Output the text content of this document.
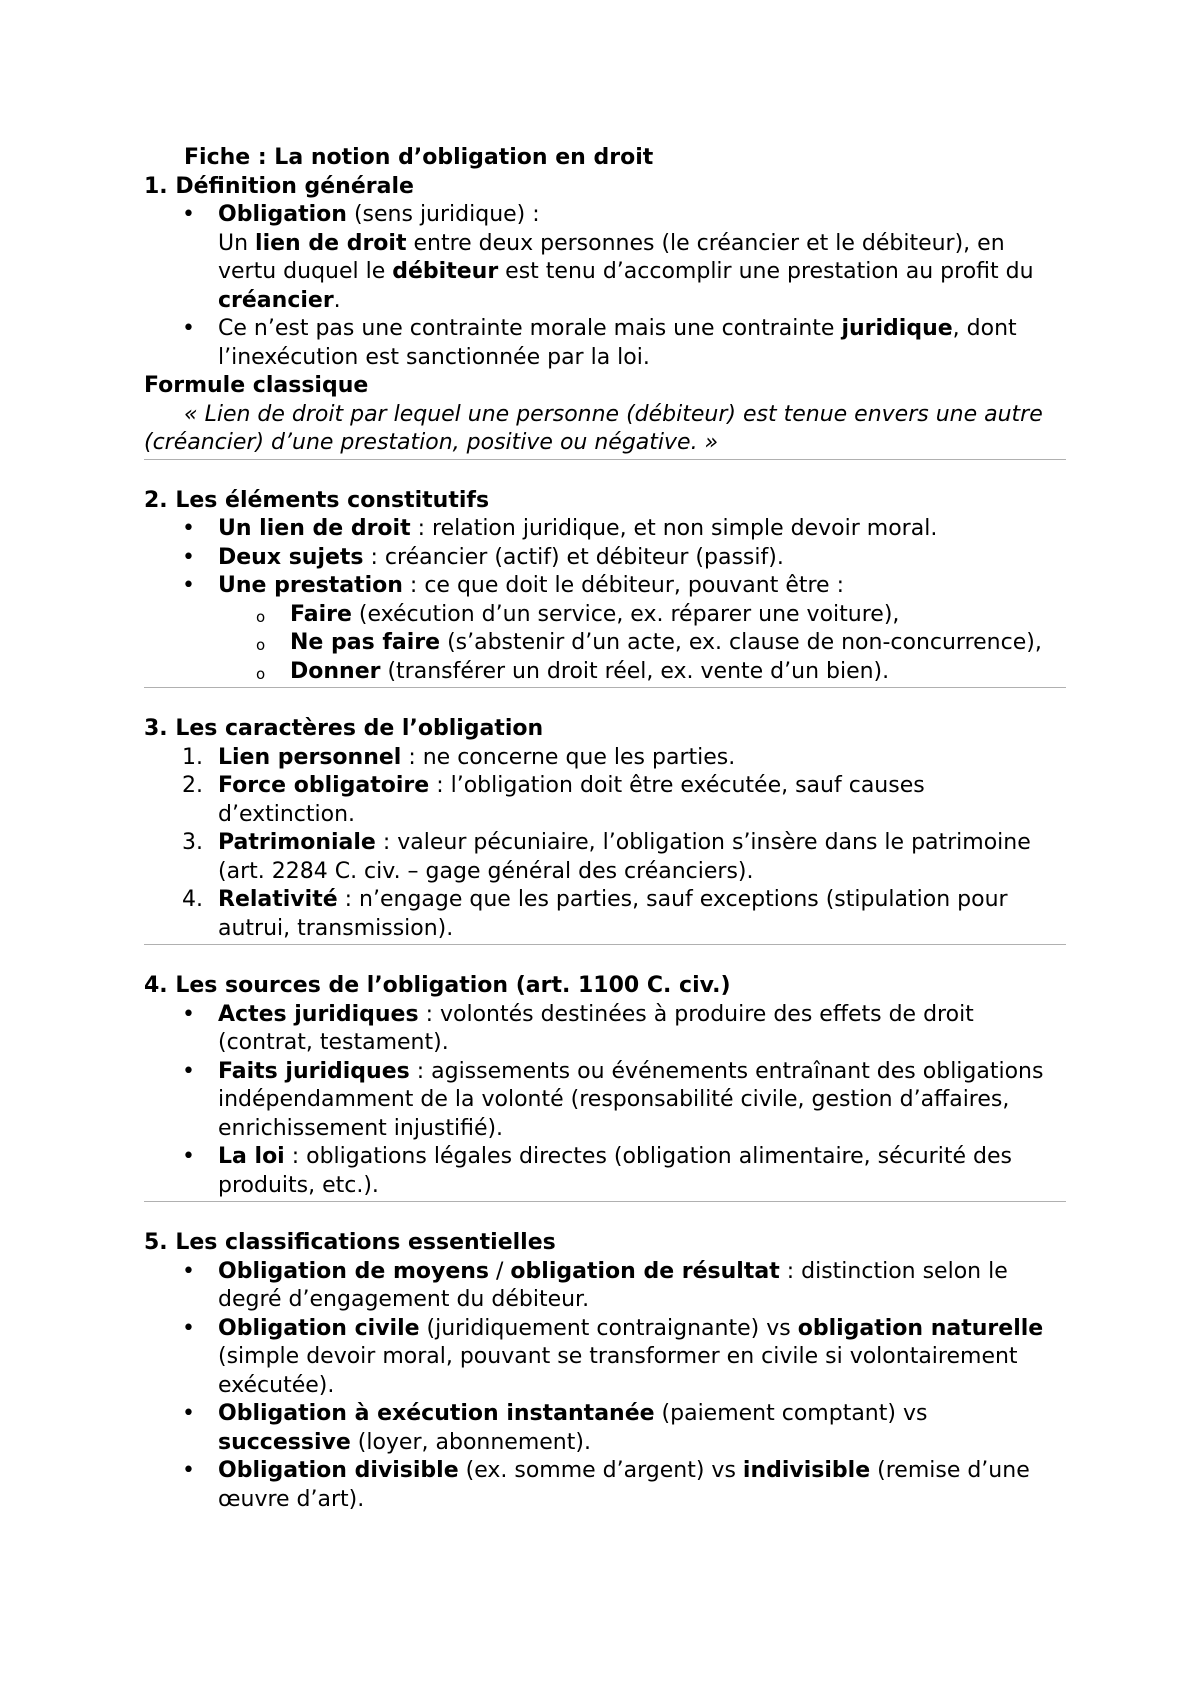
Fiche : La notion d’obligation en droit
1. Définition générale
• Obligation (sens juridique) :
Un lien de droit entre deux personnes (le créancier et le débiteur), en vertu duquel le débiteur est tenu d’accomplir une prestation au profit du créancier.
• Ce n’est pas une contrainte morale mais une contrainte juridique, dont l’inexécution est sanctionnée par la loi.
Formule classique
« Lien de droit par lequel une personne (débiteur) est tenue envers une autre (créancier) d’une prestation, positive ou négative. »
2. Les éléments constitutifs
• Un lien de droit : relation juridique, et non simple devoir moral.
• Deux sujets : créancier (actif) et débiteur (passif).
• Une prestation : ce que doit le débiteur, pouvant être :
o Faire (exécution d’un service, ex. réparer une voiture),
o Ne pas faire (s’abstenir d’un acte, ex. clause de non-concurrence),
o Donner (transférer un droit réel, ex. vente d’un bien).
3. Les caractères de l’obligation
1. Lien personnel : ne concerne que les parties.
2. Force obligatoire : l’obligation doit être exécutée, sauf causes d’extinction.
3. Patrimoniale : valeur pécuniaire, l’obligation s’insère dans le patrimoine (art. 2284 C. civ. – gage général des créanciers).
4. Relativité : n’engage que les parties, sauf exceptions (stipulation pour autrui, transmission).
4. Les sources de l’obligation (art. 1100 C. civ.)
• Actes juridiques : volontés destinées à produire des effets de droit (contrat, testament).
• Faits juridiques : agissements ou événements entraînant des obligations indépendamment de la volonté (responsabilité civile, gestion d’affaires, enrichissement injustifié).
• La loi : obligations légales directes (obligation alimentaire, sécurité des produits, etc.).
5. Les classifications essentielles
• Obligation de moyens / obligation de résultat : distinction selon le degré d’engagement du débiteur.
• Obligation civile (juridiquement contraignante) vs obligation naturelle (simple devoir moral, pouvant se transformer en civile si volontairement exécutée).
• Obligation à exécution instantanée (paiement comptant) vs successive (loyer, abonnement).
• Obligation divisible (ex. somme d’argent) vs indivisible (remise d’une œuvre d’art).
